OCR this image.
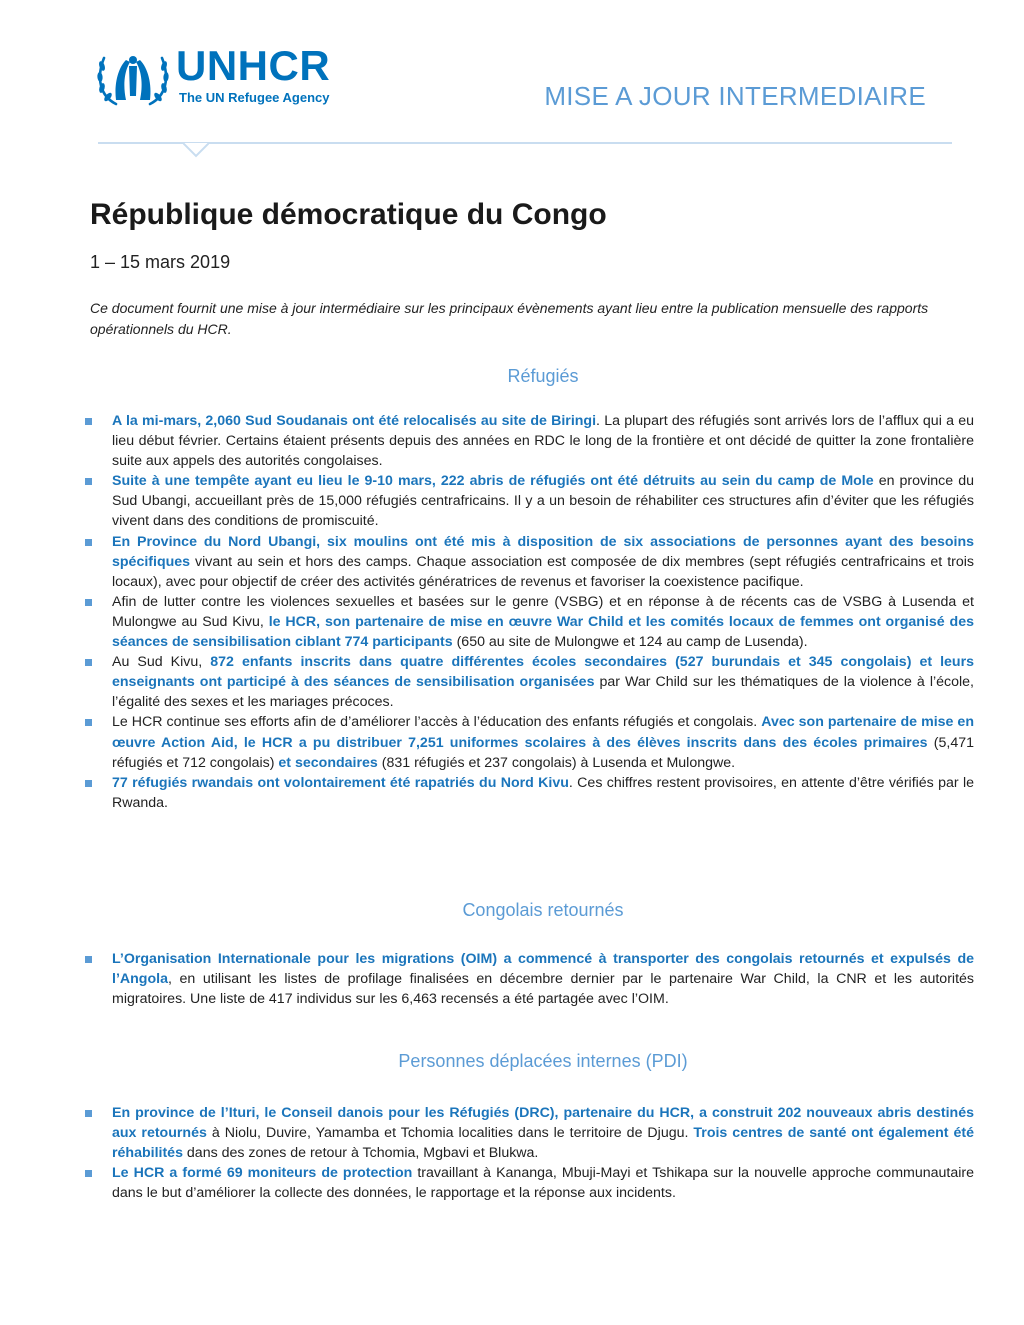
UNHCR
The UN Refugee Agency	MISE A JOUR INTERMEDIAIRE
République démocratique du Congo
1 – 15 mars 2019

Ce document fournit une mise à jour intermédiaire sur les principaux évènements ayant lieu entre la publication mensuelle des rapports opérationnels du HCR.

Réfugiés
A la mi-mars, 2,060 Sud Soudanais ont été relocalisés au site de Biringi. La plupart des réfugiés sont arrivés lors de l’afflux qui a eu lieu début février. Certains étaient présents depuis des années en RDC le long de la frontière et ont décidé de quitter la zone frontalière suite aux appels des autorités congolaises.
Suite à une tempête ayant eu lieu le 9-10 mars, 222 abris de réfugiés ont été détruits au sein du camp de Mole en province du Sud Ubangi, accueillant près de 15,000 réfugiés centrafricains. Il y a un besoin de réhabiliter ces structures afin d’éviter que les réfugiés vivent dans des conditions de promiscuité.
En Province du Nord Ubangi, six moulins ont été mis à disposition de six associations de personnes ayant des besoins spécifiques vivant au sein et hors des camps. Chaque association est composée de dix membres (sept réfugiés centrafricains et trois locaux), avec pour objectif de créer des activités génératrices de revenus et favoriser la coexistence pacifique.
Afin de lutter contre les violences sexuelles et basées sur le genre (VSBG) et en réponse à de récents cas de VSBG à Lusenda et Mulongwe au Sud Kivu, le HCR, son partenaire de mise en œuvre War Child et les comités locaux de femmes ont organisé des séances de sensibilisation ciblant 774 participants (650 au site de Mulongwe et 124 au camp de Lusenda).
Au Sud Kivu, 872 enfants inscrits dans quatre différentes écoles secondaires (527 burundais et 345 congolais) et leurs enseignants ont participé à des séances de sensibilisation organisées par War Child sur les thématiques de la violence à l’école, l’égalité des sexes et les mariages précoces.
Le HCR continue ses efforts afin de d’améliorer l’accès à l’éducation des enfants réfugiés et congolais. Avec son partenaire de mise en œuvre Action Aid, le HCR a pu distribuer 7,251 uniformes scolaires à des élèves inscrits dans des écoles primaires (5,471 réfugiés et 712 congolais) et secondaires (831 réfugiés et 237 congolais) à Lusenda et Mulongwe.
77 réfugiés rwandais ont volontairement été rapatriés du Nord Kivu. Ces chiffres restent provisoires, en attente d’être vérifiés par le Rwanda.
Congolais retournés
L’Organisation Internationale pour les migrations (OIM) a commencé à transporter des congolais retournés et expulsés de l’Angola, en utilisant les listes de profilage finalisées en décembre dernier par le partenaire War Child, la CNR et les autorités migratoires. Une liste de 417 individus sur les 6,463 recensés a été partagée avec l’OIM.
Personnes déplacées internes (PDI)
En province de l’Ituri, le Conseil danois pour les Réfugiés (DRC), partenaire du HCR, a construit 202 nouveaux abris destinés aux retournés à Niolu, Duvire, Yamamba et Tchomia localities dans le territoire de Djugu. Trois centres de santé ont également été réhabilités dans des zones de retour à Tchomia, Mgbavi et Blukwa.
Le HCR a formé 69 moniteurs de protection travaillant à Kananga, Mbuji-Mayi et Tshikapa sur la nouvelle approche communautaire dans le but d’améliorer la collecte des données, le rapportage et la réponse aux incidents.
